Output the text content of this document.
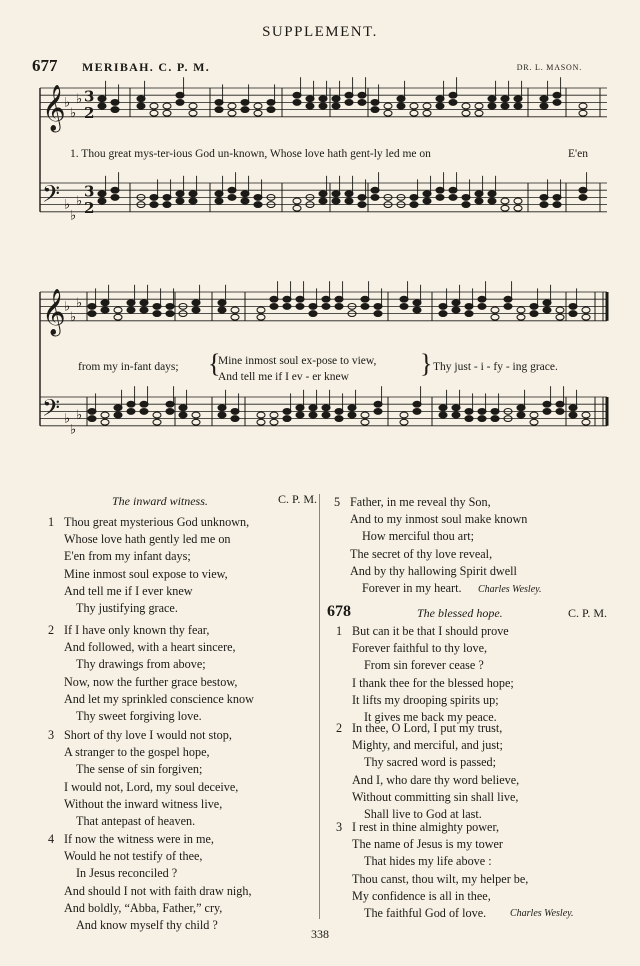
SUPPLEMENT.
677 MERIBAH. C. P. M.	DR. L. MASON.
𝄞
♭
♭
♭ 3
2
𝄢 ♭
♭
♭
3
2
𝄞
♭
♭
♭
𝄢 ♭
♭
♭
1. Thou great mys-ter-ious God un-known, Whose love hath gent-ly led me on	E'en
from my in-fant days; {
Mine inmost soul ex-pose to view,
And tell me if I ev - er knew	} Thy just - i - fy - ing grace.
The inward witness.	C. P. M.
1 Thou great mysterious God unknown,
Whose love hath gently led me on
E'en from my infant days;
Mine inmost soul expose to view,
And tell me if I ever knew
Thy justifying grace.
2 If I have only known thy fear,
And followed, with a heart sincere,
Thy drawings from above;
Now, now the further grace bestow,
And let my sprinkled conscience know
Thy sweet forgiving love.
3 Short of thy love I would not stop,
A stranger to the gospel hope,
The sense of sin forgiven;
I would not, Lord, my soul deceive,
Without the inward witness live,
That antepast of heaven.
4 If now the witness were in me,
Would he not testify of thee,
In Jesus reconciled ?
And should I not with faith draw nigh,
And boldly, “Abba, Father,” cry,
And know myself thy child ?
5 Father, in me reveal thy Son,
And to my inmost soul make known
How merciful thou art;
The secret of thy love reveal,
And by thy hallowing Spirit dwell
Forever in my heart.	Charles Wesley.
678	The blessed hope.	C. P. M.
1 But can it be that I should prove
Forever faithful to thy love,
From sin forever cease ?
I thank thee for the blessed hope;
It lifts my drooping spirits up;
It gives me back my peace.
2 In thee, O Lord, I put my trust,
Mighty, and merciful, and just;
Thy sacred word is passed;
And I, who dare thy word believe,
Without committing sin shall live,
Shall live to God at last.
3 I rest in thine almighty power,
The name of Jesus is my tower
That hides my life above :
Thou canst, thou wilt, my helper be,
My confidence is all in thee,
The faithful God of love.	Charles Wesley.
338
